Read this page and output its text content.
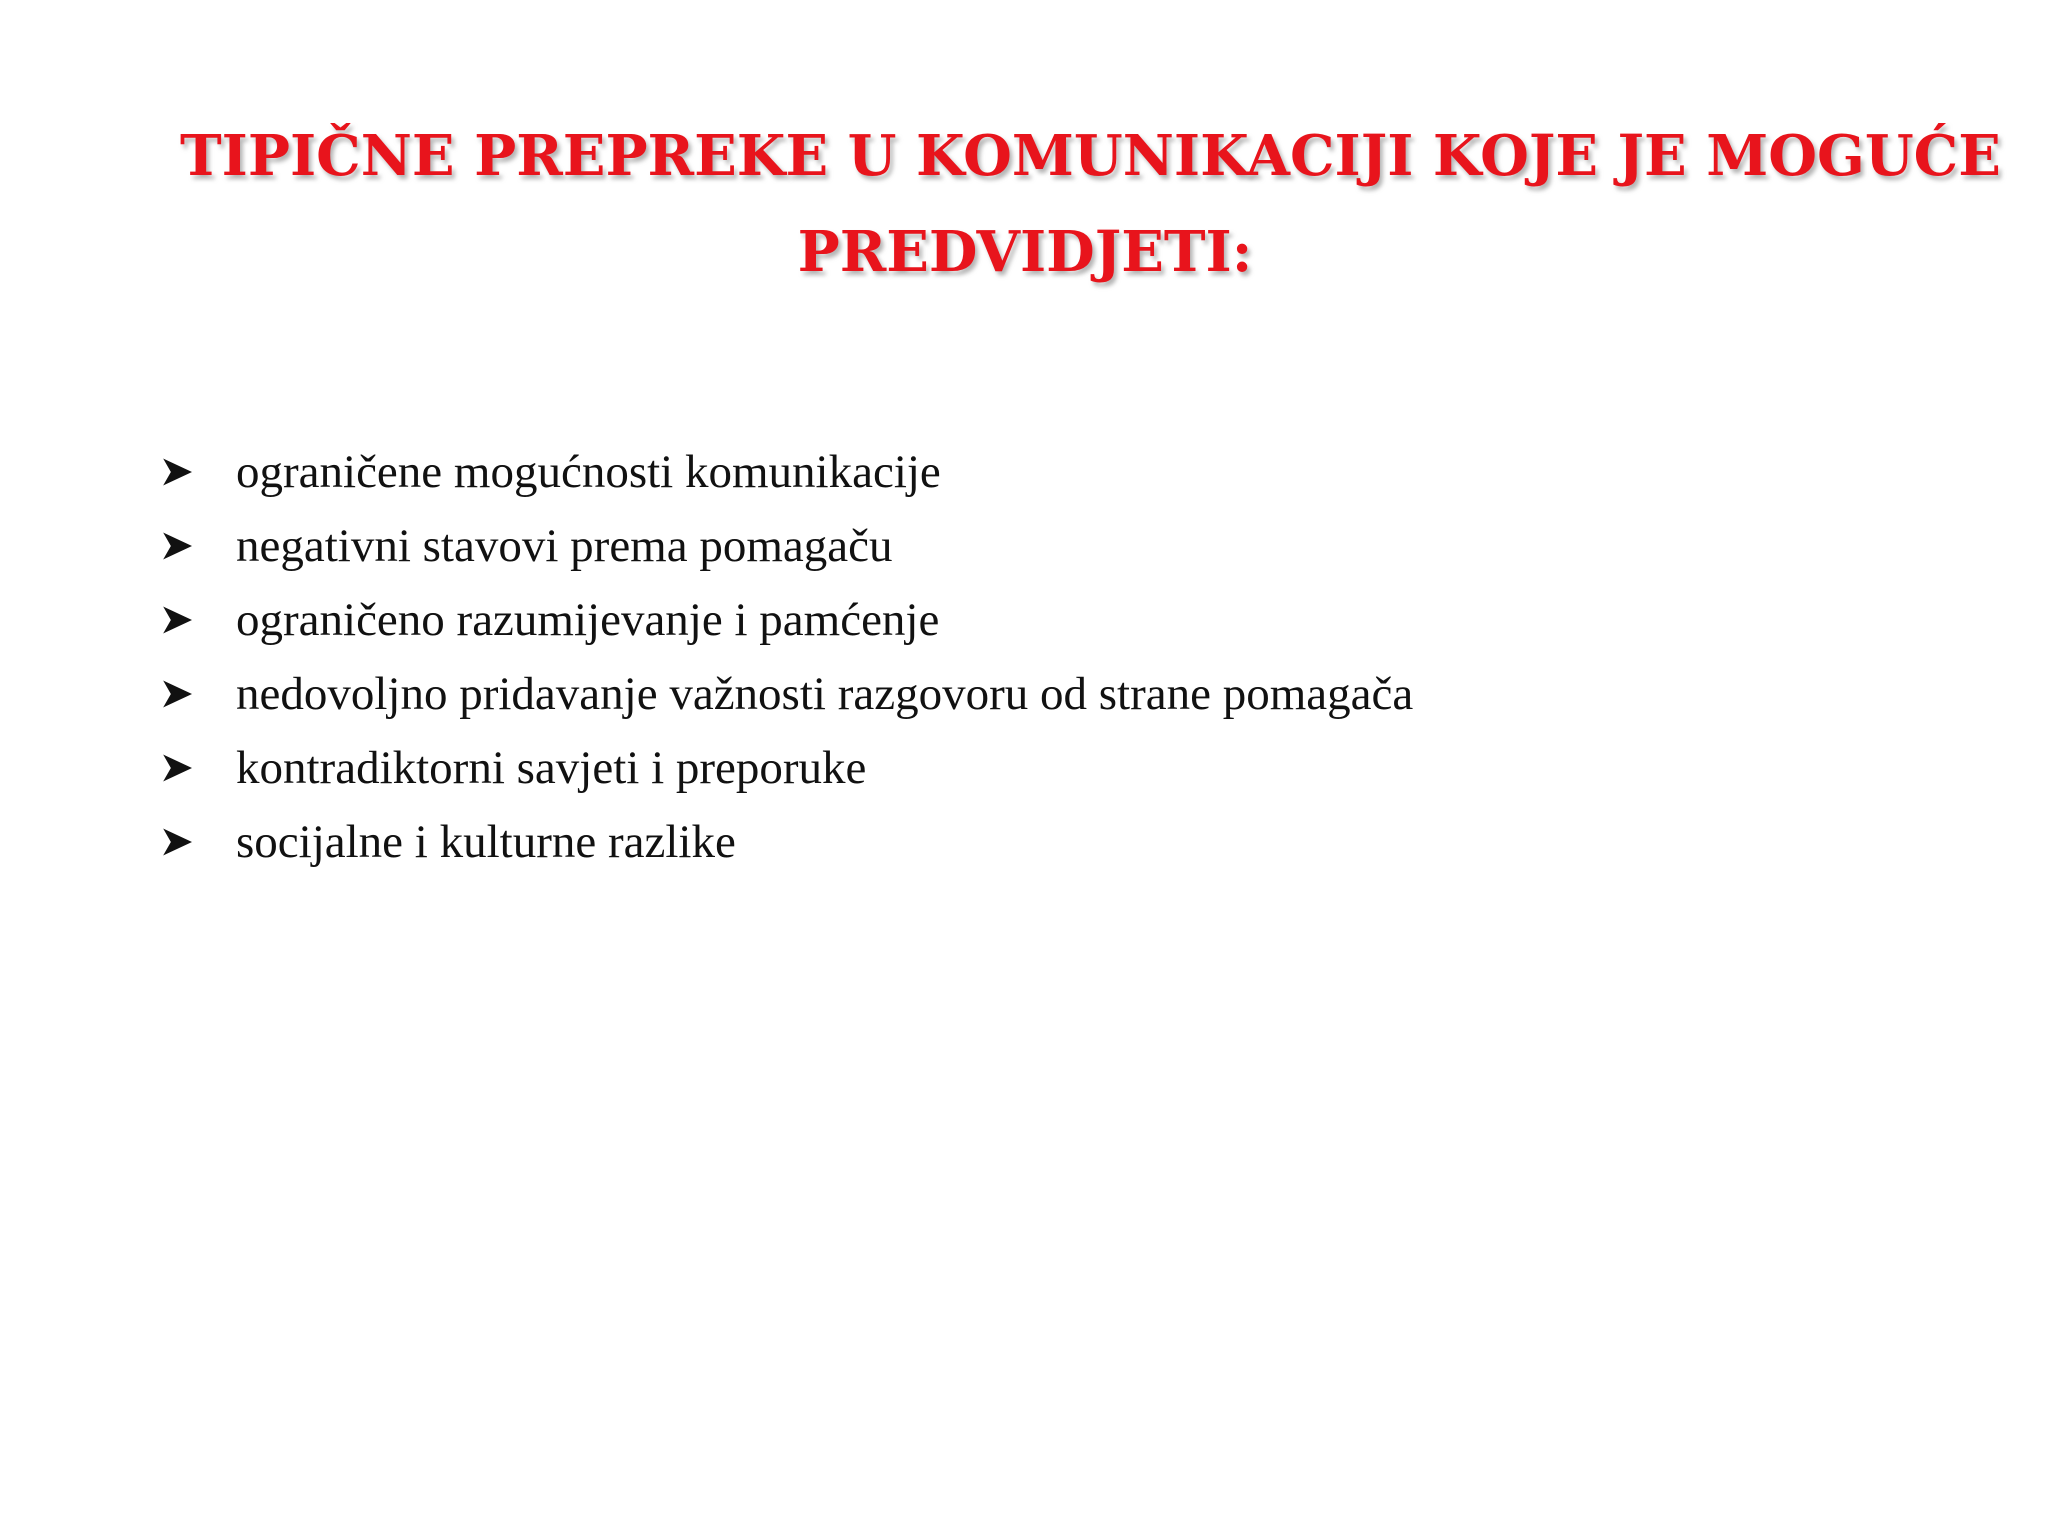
TIPIČNE PREPREKE U KOMUNIKACIJI KOJE JE MOGUĆE
PREDVIDJETI:
ograničene mogućnosti komunikacije
negativni stavovi prema pomagaču
ograničeno razumijevanje i pamćenje
nedovoljno pridavanje važnosti razgovoru od strane pomagača
kontradiktorni savjeti i preporuke
socijalne i kulturne razlike
